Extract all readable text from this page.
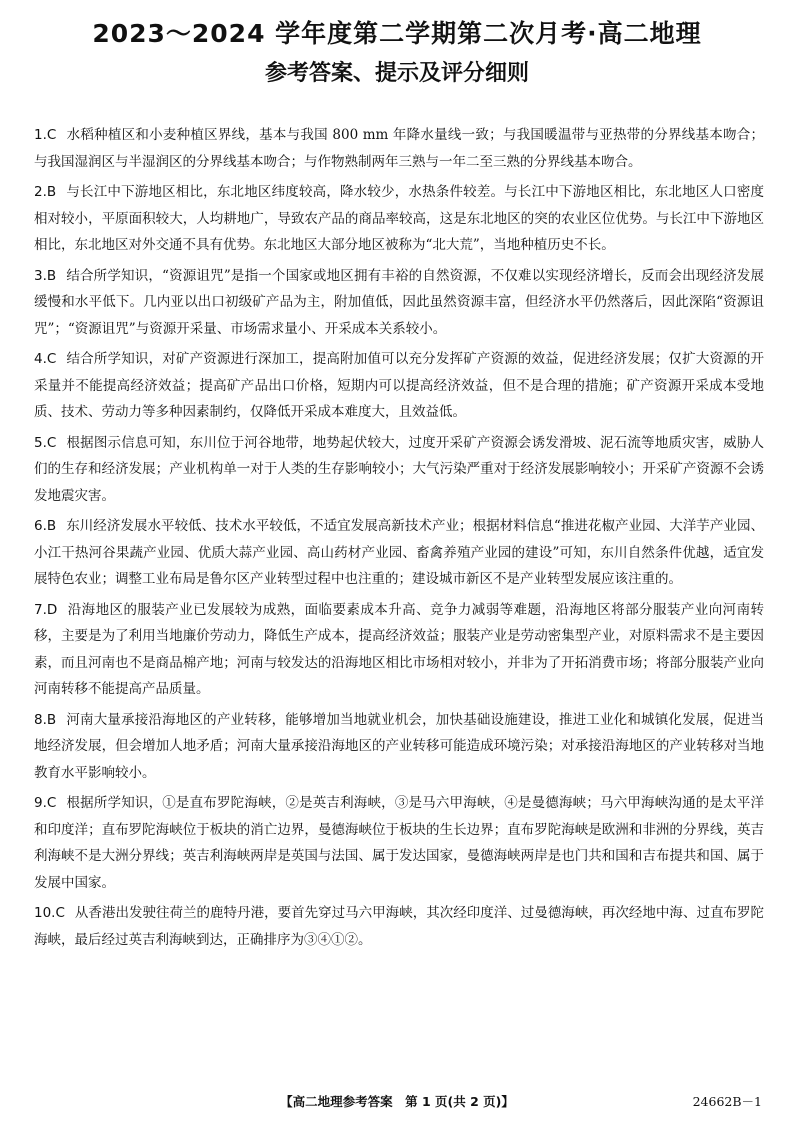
2023～2024 学年度第二学期第二次月考·高二地理
参考答案、提示及评分细则

1.C 水稻种植区和小麦种植区界线，基本与我国 800 mm 年降水量线一致；与我国暖温带与亚热带的分界线基本吻合；与我国湿润区与半湿润区的分界线基本吻合；与作物熟制两年三熟与一年二至三熟的分界线基本吻合。

2.B 与长江中下游地区相比，东北地区纬度较高，降水较少，水热条件较差。与长江中下游地区相比，东北地区人口密度相对较小，平原面积较大，人均耕地广，导致农产品的商品率较高，这是东北地区的突的农业区位优势。与长江中下游地区相比，东北地区对外交通不具有优势。东北地区大部分地区被称为“北大荒”，当地种植历史不长。

3.B 结合所学知识，“资源诅咒”是指一个国家或地区拥有丰裕的自然资源，不仅难以实现经济增长，反而会出现经济发展缓慢和水平低下。几内亚以出口初级矿产品为主，附加值低，因此虽然资源丰富，但经济水平仍然落后，因此深陷“资源诅咒”；“资源诅咒”与资源开采量、市场需求量小、开采成本关系较小。

4.C 结合所学知识，对矿产资源进行深加工，提高附加值可以充分发挥矿产资源的效益，促进经济发展；仅扩大资源的开采量并不能提高经济效益；提高矿产品出口价格，短期内可以提高经济效益，但不是合理的措施；矿产资源开采成本受地质、技术、劳动力等多种因素制约，仅降低开采成本难度大，且效益低。

5.C 根据图示信息可知，东川位于河谷地带，地势起伏较大，过度开采矿产资源会诱发滑坡、泥石流等地质灾害，威胁人们的生存和经济发展；产业机构单一对于人类的生存影响较小；大气污染严重对于经济发展影响较小；开采矿产资源不会诱发地震灾害。

6.B 东川经济发展水平较低、技术水平较低，不适宜发展高新技术产业；根据材料信息“推进花椒产业园、大洋芋产业园、小江干热河谷果蔬产业园、优质大蒜产业园、高山药材产业园、畜禽养殖产业园的建设”可知，东川自然条件优越，适宜发展特色农业；调整工业布局是鲁尔区产业转型过程中也注重的；建设城市新区不是产业转型发展应该注重的。

7.D 沿海地区的服装产业已发展较为成熟，面临要素成本升高、竞争力减弱等难题，沿海地区将部分服装产业向河南转移，主要是为了利用当地廉价劳动力，降低生产成本，提高经济效益；服装产业是劳动密集型产业，对原料需求不是主要因素，而且河南也不是商品棉产地；河南与较发达的沿海地区相比市场相对较小，并非为了开拓消费市场；将部分服装产业向河南转移不能提高产品质量。

8.B 河南大量承接沿海地区的产业转移，能够增加当地就业机会，加快基础设施建设，推进工业化和城镇化发展，促进当地经济发展，但会增加人地矛盾；河南大量承接沿海地区的产业转移可能造成环境污染；对承接沿海地区的产业转移对当地教育水平影响较小。

9.C 根据所学知识，①是直布罗陀海峡，②是英吉利海峡，③是马六甲海峡，④是曼德海峡；马六甲海峡沟通的是太平洋和印度洋；直布罗陀海峡位于板块的消亡边界，曼德海峡位于板块的生长边界；直布罗陀海峡是欧洲和非洲的分界线，英吉利海峡不是大洲分界线；英吉利海峡两岸是英国与法国、属于发达国家，曼德海峡两岸是也门共和国和吉布提共和国、属于发展中国家。

10.C 从香港出发驶往荷兰的鹿特丹港，要首先穿过马六甲海峡，其次经印度洋、过曼德海峡，再次经地中海、过直布罗陀海峡，最后经过英吉利海峡到达，正确排序为③④①②。

【高二地理参考答案　第 1 页(共 2 页)】	24662B－1
